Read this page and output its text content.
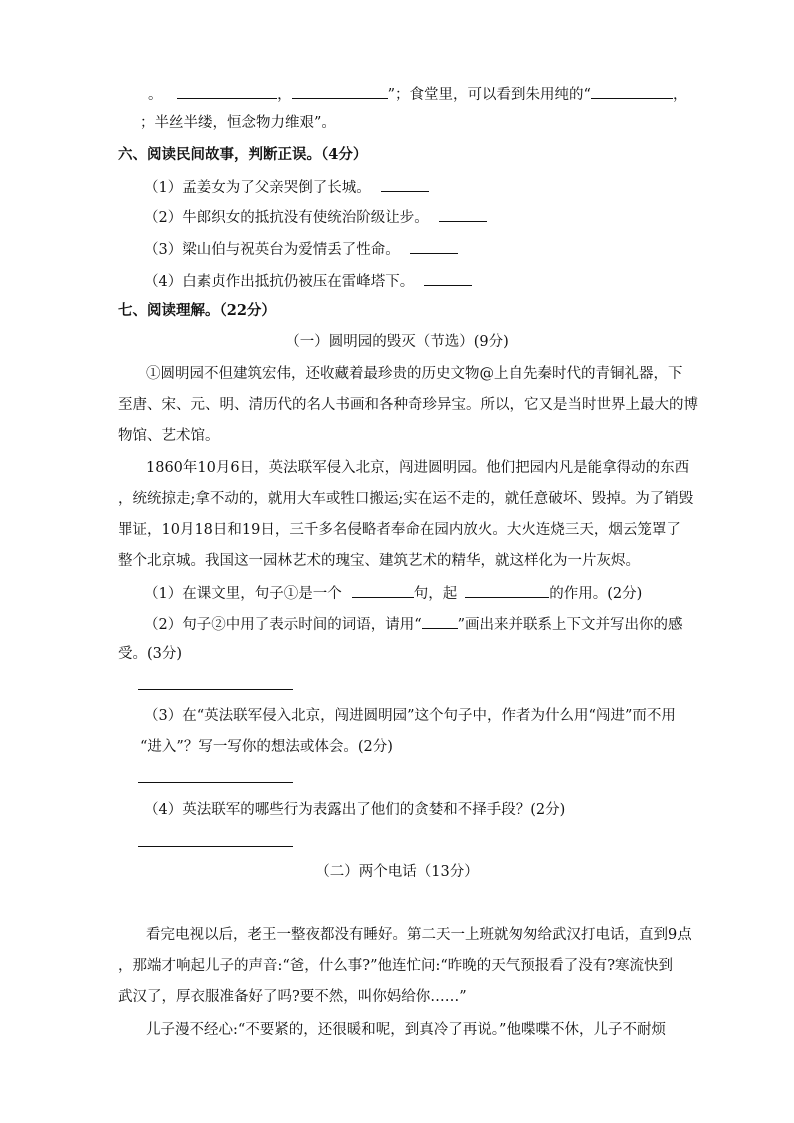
。	，	”；食堂里，可以看到朱用纯的“	，
；半丝半缕，恒念物力维艰”。
六、阅读民间故事，判断正误。（4分）
（1）孟姜女为了父亲哭倒了长城。
（2）牛郎织女的抵抗没有使统治阶级让步。
（3）梁山伯与祝英台为爱情丢了性命。
（4）白素贞作出抵抗仍被压在雷峰塔下。
七、阅读理解。（22分）
（一）圆明园的毁灭（节选）(9分)
①圆明园不但建筑宏伟，还收藏着最珍贵的历史文物@上自先秦时代的青铜礼器，下
至唐、宋、元、明、清历代的名人书画和各种奇珍异宝。所以，它又是当时世界上最大的博
物馆、艺术馆。
1860年10月6日，英法联军侵入北京，闯进圆明园。他们把园内凡是能拿得动的东西
，统统掠走;拿不动的，就用大车或牲口搬运;实在运不走的，就任意破坏、毁掉。为了销毁
罪证，10月18日和19日，三千多名侵略者奉命在园内放火。大火连烧三天，烟云笼罩了
整个北京城。我国这一园林艺术的瑰宝、建筑艺术的精华，就这样化为一片灰烬。
（1）在课文里，句子①是一个	句，起	的作用。(2分)
（2）句子②中用了表示时间的词语，请用“ ”画出来并联系上下文并写出你的感
受。(3分)
（3）在“英法联军侵入北京，闯进圆明园”这个句子中，作者为什么用“闯进”而不用
“进入”？写一写你的想法或体会。(2分)
（4）英法联军的哪些行为表露出了他们的贪婪和不择手段？(2分)
（二）两个电话（13分）
看完电视以后，老王一整夜都没有睡好。第二天一上班就匆匆给武汉打电话，直到9点
，那端才响起儿子的声音:“爸，什么事?”他连忙问:“昨晚的天气预报看了没有?寒流快到
武汉了，厚衣服准备好了吗?要不然，叫你妈给你……”
儿子漫不经心:“不要紧的，还很暖和呢，到真冷了再说。”他喋喋不休，儿子不耐烦
